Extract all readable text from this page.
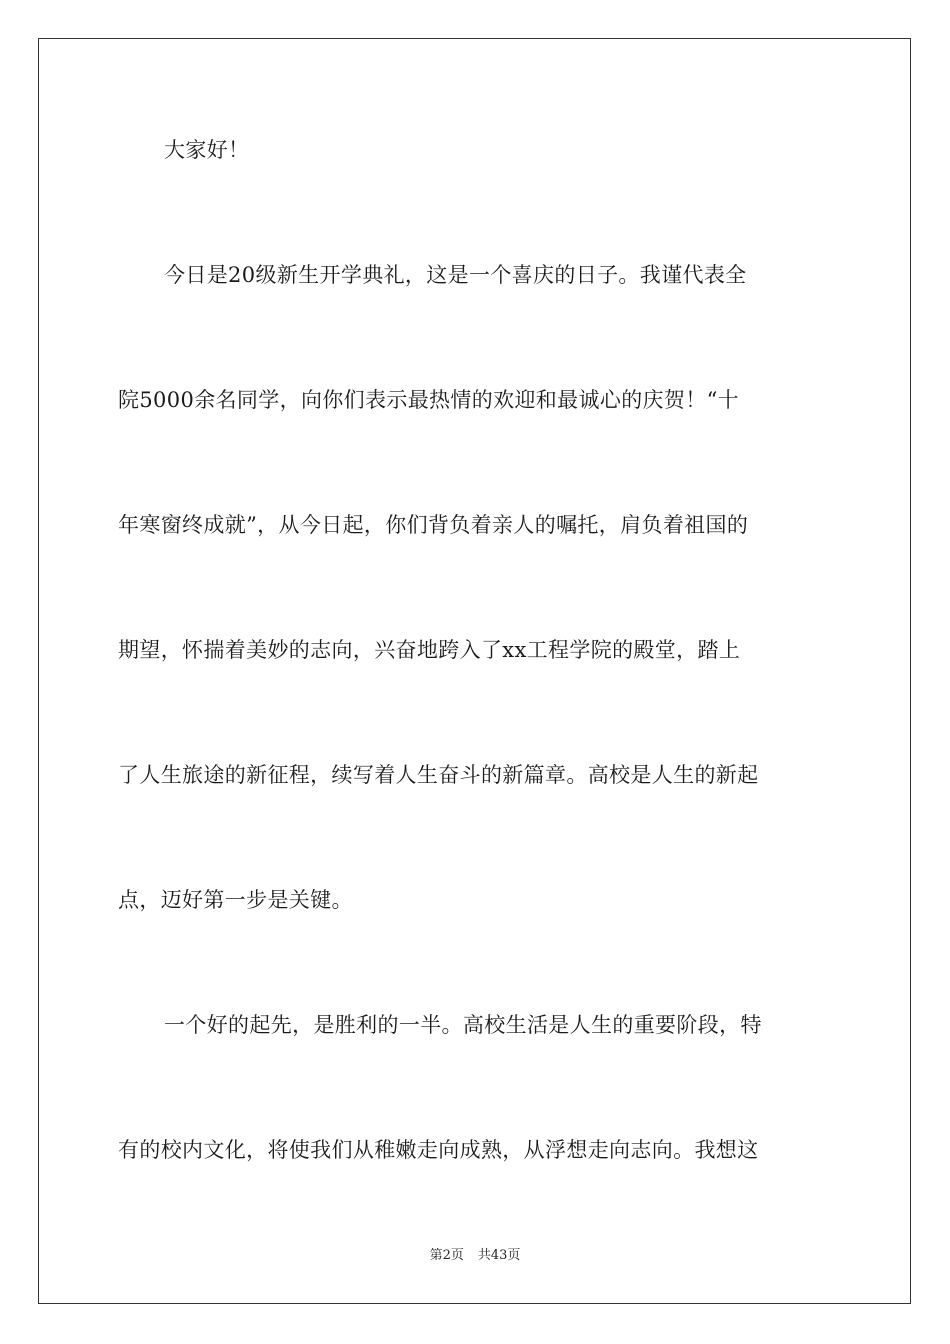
大家好！
今日是20级新生开学典礼，这是一个喜庆的日子。我谨代表全
院5000余名同学，向你们表示最热情的欢迎和最诚心的庆贺！“十
年寒窗终成就”，从今日起，你们背负着亲人的嘱托，肩负着祖国的
期望，怀揣着美妙的志向，兴奋地跨入了xx工程学院的殿堂，踏上
了人生旅途的新征程，续写着人生奋斗的新篇章。高校是人生的新起
点，迈好第一步是关键。
一个好的起先，是胜利的一半。高校生活是人生的重要阶段，特
有的校内文化，将使我们从稚嫩走向成熟，从浮想走向志向。我想这
第2页 共43页
